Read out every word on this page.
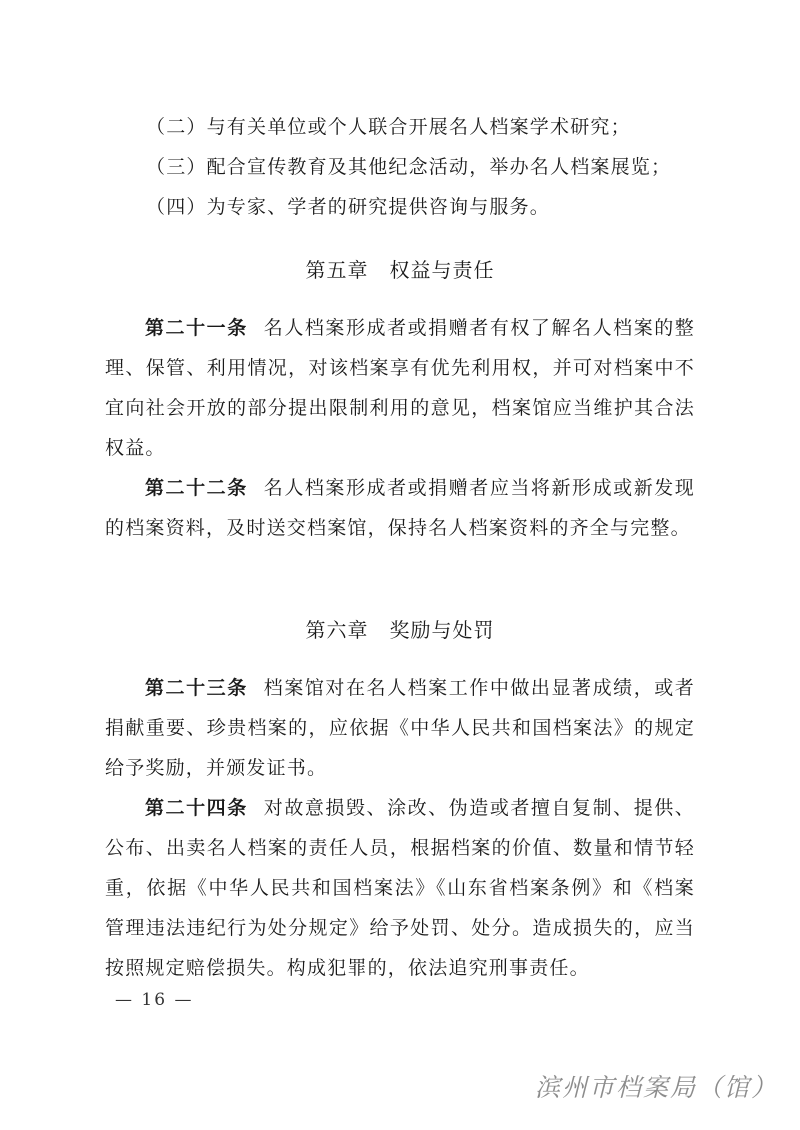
（二）与有关单位或个人联合开展名人档案学术研究；
（三）配合宣传教育及其他纪念活动，举办名人档案展览；
（四）为专家、学者的研究提供咨询与服务。
第五章　权益与责任
第二十一条 名人档案形成者或捐赠者有权了解名人档案的整理、保管、利用情况，对该档案享有优先利用权，并可对档案中不宜向社会开放的部分提出限制利用的意见，档案馆应当维护其合法权益。
第二十二条 名人档案形成者或捐赠者应当将新形成或新发现的档案资料，及时送交档案馆，保持名人档案资料的齐全与完整。
第六章　奖励与处罚
第二十三条 档案馆对在名人档案工作中做出显著成绩，或者捐献重要、珍贵档案的，应依据《中华人民共和国档案法》的规定给予奖励，并颁发证书。
第二十四条 对故意损毁、涂改、伪造或者擅自复制、提供、公布、出卖名人档案的责任人员，根据档案的价值、数量和情节轻重，依据《中华人民共和国档案法》《山东省档案条例》和《档案管理违法违纪行为处分规定》给予处罚、处分。造成损失的，应当按照规定赔偿损失。构成犯罪的，依法追究刑事责任。
— 16 —
滨州市档案局（馆）
